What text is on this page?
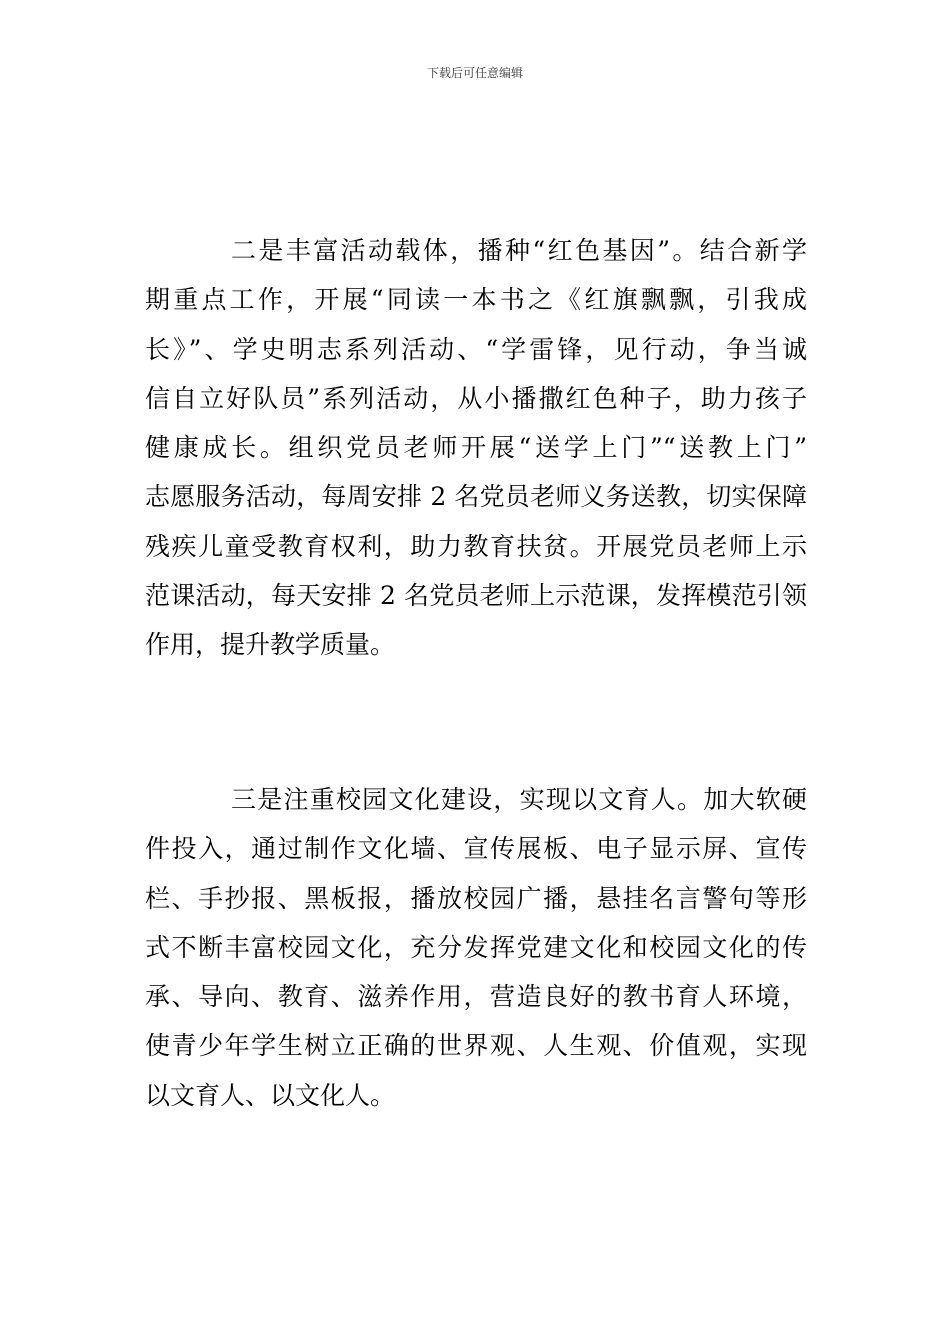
下载后可任意编辑
二是丰富活动载体，播种“红色基因”。结合新学
期重点工作，开展“同读一本书之《红旗飘飘，引我成
长》”、学史明志系列活动、“学雷锋，见行动，争当诚
信自立好队员”系列活动，从小播撒红色种子，助力孩子
健康成长。组织党员老师开展“送学上门”“送教上门”
志愿服务活动，每周安排 2 名党员老师义务送教，切实保障
残疾儿童受教育权利，助力教育扶贫。开展党员老师上示
范课活动，每天安排 2 名党员老师上示范课，发挥模范引领
作用，提升教学质量。
三是注重校园文化建设，实现以文育人。加大软硬
件投入，通过制作文化墙、宣传展板、电子显示屏、宣传
栏、手抄报、黑板报，播放校园广播，悬挂名言警句等形
式不断丰富校园文化，充分发挥党建文化和校园文化的传
承、导向、教育、滋养作用，营造良好的教书育人环境，
使青少年学生树立正确的世界观、人生观、价值观，实现
以文育人、以文化人。
